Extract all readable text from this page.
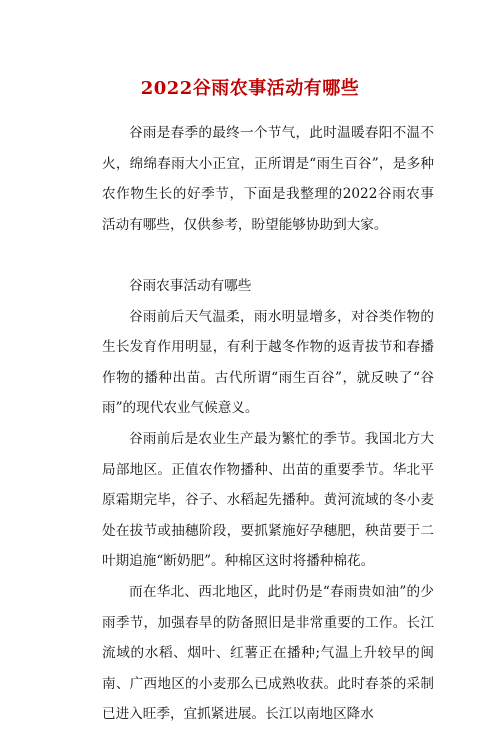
2022谷雨农事活动有哪些

谷雨是春季的最终一个节气，此时温暖春阳不温不火，绵绵春雨大小正宜，正所谓是“雨生百谷”，是多种农作物生长的好季节，下面是我整理的2022谷雨农事活动有哪些，仅供参考，盼望能够协助到大家。

谷雨农事活动有哪些

谷雨前后天气温柔，雨水明显增多，对谷类作物的生长发育作用明显，有利于越冬作物的返青拔节和春播作物的播种出苗。古代所谓“雨生百谷”，就反映了“谷雨”的现代农业气候意义。

谷雨前后是农业生产最为繁忙的季节。我国北方大局部地区。正值农作物播种、出苗的重要季节。华北平原霜期完毕，谷子、水稻起先播种。黄河流域的冬小麦处在拔节或抽穗阶段，要抓紧施好孕穗肥，秧苗要于二叶期追施“断奶肥”。种棉区这时将播种棉花。

而在华北、西北地区，此时仍是“春雨贵如油”的少雨季节，加强春旱的防备照旧是非常重要的工作。长江流域的水稻、烟叶、红薯正在播种;气温上升较早的闽南、广西地区的小麦那么已成熟收获。此时春茶的采制已进入旺季，宜抓紧进展。长江以南地区降水
